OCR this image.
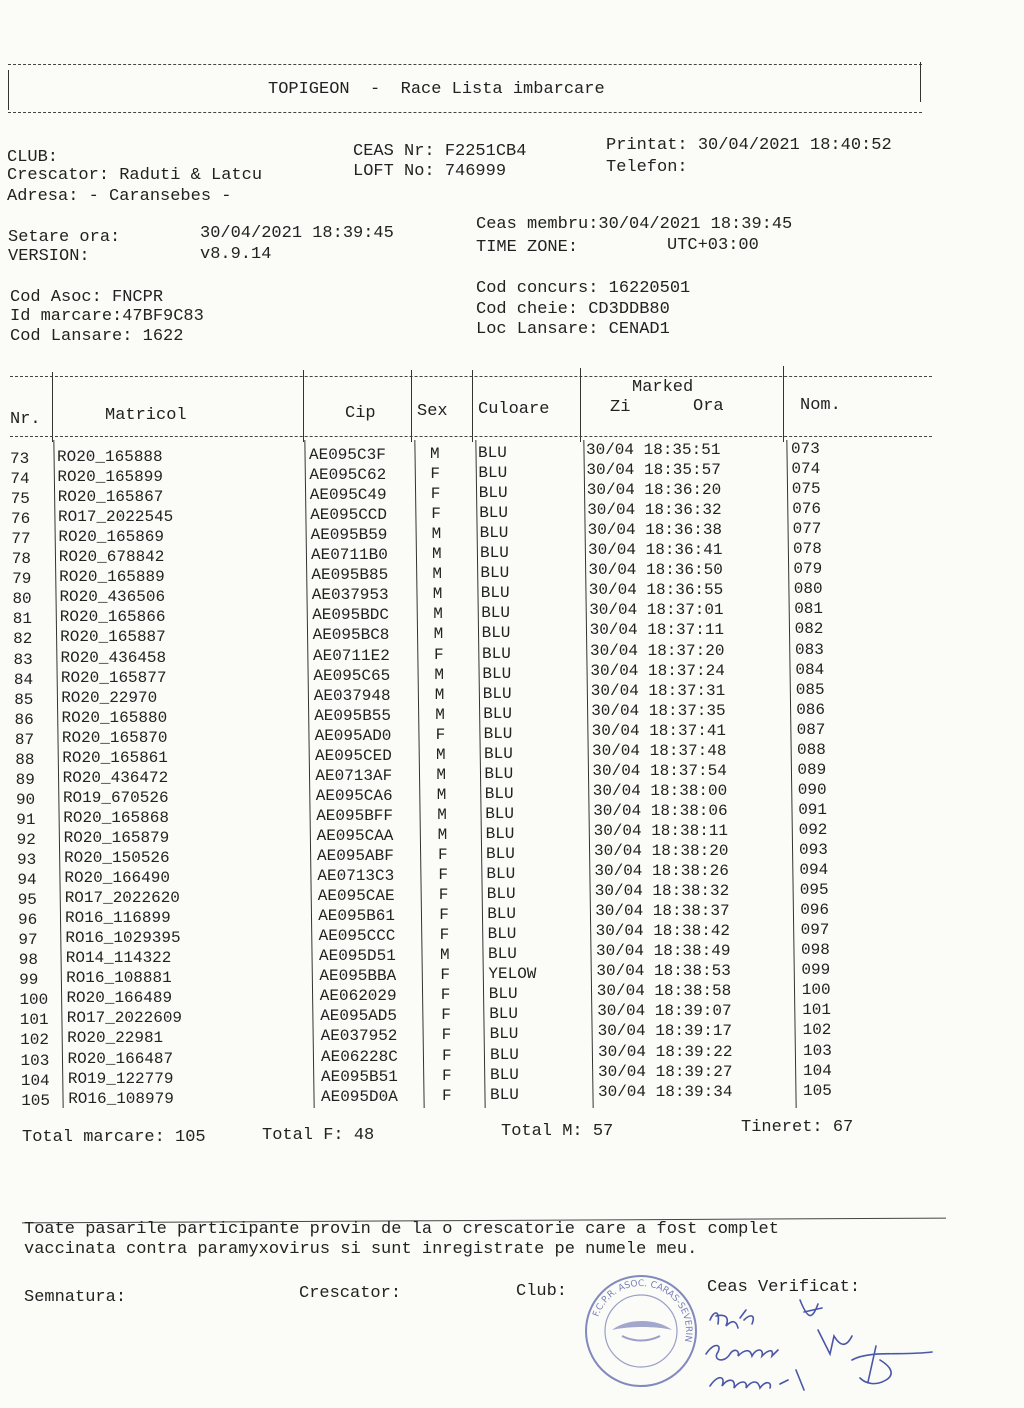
TOPIGEON  -  Race Lista imbarcare
CLUB:
Crescator: Raduti & Latcu
Adresa: - Caransebes -
CEAS Nr: F2251CB4
LOFT No: 746999
Printat: 30/04/2021 18:40:52
Telefon:
Setare ora:	30/04/2021 18:39:45
VERSION:	v8.9.14
Ceas membru:30/04/2021 18:39:45
TIME ZONE:	UTC+03:00
Cod Asoc: FNCPR
Id marcare:47BF9C83
Cod Lansare: 1622
Cod concurs: 16220501
Cod cheie: CD3DDB80
Loc Lansare: CENAD1
Nr.	Matricol	Cip Sex Culoare
Marked
Zi	Ora	Nom.
73 RO20_165888	AE095C3F	M BLU	30/04 18:35:51	073
74 RO20_165899	AE095C62	F BLU	30/04 18:35:57	074
75 RO20_165867	AE095C49	F BLU	30/04 18:36:20	075
76 RO17_2022545	AE095CCD	F BLU	30/04 18:36:32	076
77 RO20_165869	AE095B59	M BLU	30/04 18:36:38	077
78 RO20_678842	AE0711B0	M BLU	30/04 18:36:41	078
79 RO20_165889	AE095B85	M BLU	30/04 18:36:50	079
80 RO20_436506	AE037953	M BLU	30/04 18:36:55	080
81 RO20_165866	AE095BDC	M BLU	30/04 18:37:01	081
82 RO20_165887	AE095BC8	M BLU	30/04 18:37:11	082
83 RO20_436458	AE0711E2	F BLU	30/04 18:37:20	083
84 RO20_165877	AE095C65	M BLU	30/04 18:37:24	084
85 RO20_22970	AE037948	M BLU	30/04 18:37:31	085
86 RO20_165880	AE095B55	M BLU	30/04 18:37:35	086
87 RO20_165870	AE095AD0	F BLU	30/04 18:37:41	087
88 RO20_165861	AE095CED	M BLU	30/04 18:37:48	088
89 RO20_436472	AE0713AF	M BLU	30/04 18:37:54	089
90 RO19_670526	AE095CA6	M BLU	30/04 18:38:00	090
91 RO20_165868	AE095BFF	M BLU	30/04 18:38:06	091
92 RO20_165879	AE095CAA	M BLU	30/04 18:38:11	092
93 RO20_150526	AE095ABF	F BLU	30/04 18:38:20	093
94 RO20_166490	AE0713C3	F BLU	30/04 18:38:26	094
95 RO17_2022620	AE095CAE	F BLU	30/04 18:38:32	095
96 RO16_116899	AE095B61	F BLU	30/04 18:38:37	096
97 RO16_1029395	AE095CCC	F BLU	30/04 18:38:42	097
98 RO14_114322	AE095D51	M BLU	30/04 18:38:49	098
99 RO16_108881	AE095BBA	F YELOW	30/04 18:38:53	099
100 RO20_166489	AE062029	F BLU	30/04 18:38:58	100
101 RO17_2022609	AE095AD5	F BLU	30/04 18:39:07	101
102 RO20_22981	AE037952	F BLU	30/04 18:39:17	102
103 RO20_166487	AE06228C	F BLU	30/04 18:39:22	103
104 RO19_122779	AE095B51	F BLU	30/04 18:39:27	104
105 RO16_108979	AE095D0A	F BLU	30/04 18:39:34	105
Total marcare: 105	Total F: 48	Total M: 57	Tineret: 67
Toate pasarile participante provin de la o crescatorie care a fost complet
vaccinata contra paramyxovirus si sunt inregistrate pe numele meu.
Semnatura:	Crescator:	Club:	Ceas Verificat:
F.C.P.R. ASOC. CARAS-SEVERIN
